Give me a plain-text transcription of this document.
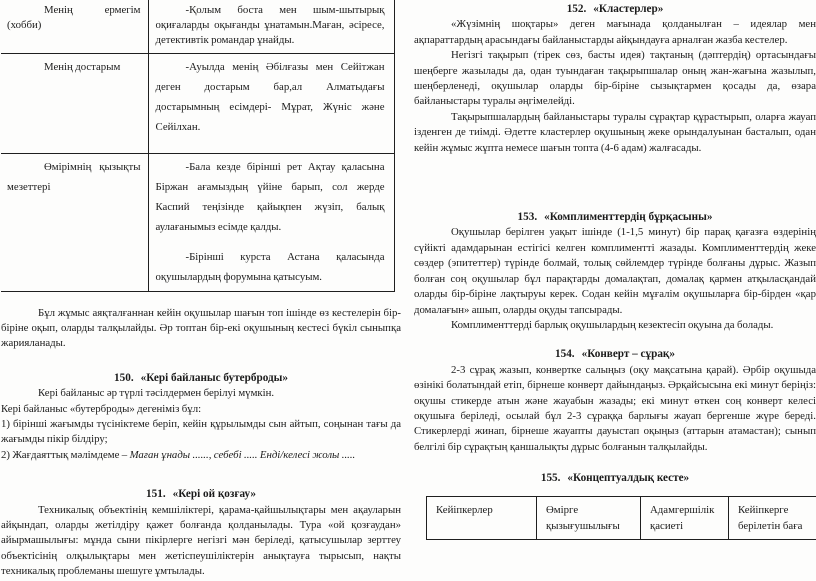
Менің ермегім (хобби)	-Қолым боста мен шым-шытырық оқиғаларды оқығанды ұнатамын.Маған, әсіресе, детективтік романдар ұнайды.
Менің достарым	-Ауылда менің Әбілғазы мен Сейітжан деген достарым бар,ал Алматыдағы достарымның есімдері- Мұрат, Жүніс және Сейілхан.
Өмірімнің қызықты мезеттері	-Бала кезде бірінші рет Ақтау қаласына Біржан ағамыздың үйіне барып, сол жерде Каспий теңізінде қайықпен жүзіп, балық аулағанымыз есімде қалды.
-Бірінші курста Астана қаласында оқушылардың форумына қатысуым.

Бұл жұмыс аяқталғаннан кейін оқушылар шағын топ ішінде өз кестелерін бір-біріне оқып, оларды талқылайды. Әр топтан бір-екі оқушының кестесі бүкіл сыныпқа жарияланады.

150. «Кері байланыс бутерброды»

Кері байланыс әр түрлі тәсілдермен берілуі мүмкін.

Кері байланыс «бутерброды» дегеніміз бұл:

1) бірінші жағымды түсініктеме беріп, кейін құрылымды сын айтып, соңынан тағы да жағымды пікір білдіру;

2) Жағдаяттық мәлімдеме – Маған ұнады ......, себебі ..... Енді/келесі жолы .....

151. «Кері ой қозғау»

Техникалық объектінің кемшіліктері, қарама-қайшылықтары мен ақауларын айқындап, оларды жетілдіру қажет болғанда қолданылады. Тура «ой қозғаудан» айырмашылығы: мұнда сыни пікірлерге негізгі мән беріледі, қатысушылар зерттеу объектісінің олқылықтары мен жетіспеушіліктерін анықтауға тырысып, нақты техникалық проблеманы шешуге ұмтылады.

152. «Кластерлер»

«Жүзімнің шоқтары» деген мағынада қолданылған – идеялар мен ақпараттардың арасындағы байланыстарды айқындауға арналған жазба кестелер.

Негізгі тақырып (тірек сөз, басты идея) тақтаның (дәптердің) ортасындағы шеңберге жазылады да, одан туындаған тақырыпшалар оның жан-жағына жазылып, шеңберленеді, оқушылар оларды бір-біріне сызықтармен қосады да, өзара байланыстары туралы әңгімелейді.

Тақырыпшалардың байланыстары туралы сұрақтар құрастырып, оларға жауап ізденген де тиімді. Әдетте кластерлер оқушының жеке орындалуынан басталып, одан кейін жұмыс жұпта немесе шағын топта (4-6 адам) жалғасады.

153. «Комплименттердің бұрқасыны»

Оқушылар берілген уақыт ішінде (1-1,5 минут) бір парақ қағазға өздерінің сүйікті адамдарынан естігісі келген комплиментті жазады. Комплименттердің жеке сөздер (эпитеттер) түрінде болмай, толық сөйлемдер түрінде болғаны дұрыс. Жазып болған соң оқушылар бұл парақтарды домалақтап, домалақ қармен атқыласқандай оларды бір-біріне лақтыруы керек. Содан кейін мұғалім оқушыларға бір-бірден «қар домалағын» ашып, оларды оқуды тапсырады.

Комплименттерді барлық оқушылардың кезектесіп оқуына да болады.

154. «Конверт – сұрақ»

2-3 сұрақ жазып, конвертке салыңыз (оқу мақсатына қарай). Әрбір оқушыда өзінікі болатындай етіп, бірнеше конверт дайындаңыз. Әрқайсысына екі минут беріңіз: оқушы стикерде атын және жауабын жазады; екі минут өткен соң конверт келесі оқушыға беріледі, осылай бұл 2-3 сұраққа барлығы жауап бергенше жүре береді. Стикерлерді жинап, бірнеше жауапты дауыстап оқыңыз (аттарын атамастан); сынып белгілі бір сұрақтың қаншалықты дұрыс болғанын талқылайды.

155. «Концептуалдық кесте»
Кейіпкерлер	Өмірге қызығушылығы	Адамгершілік қасиеті	Кейіпкерге берілетін баға
